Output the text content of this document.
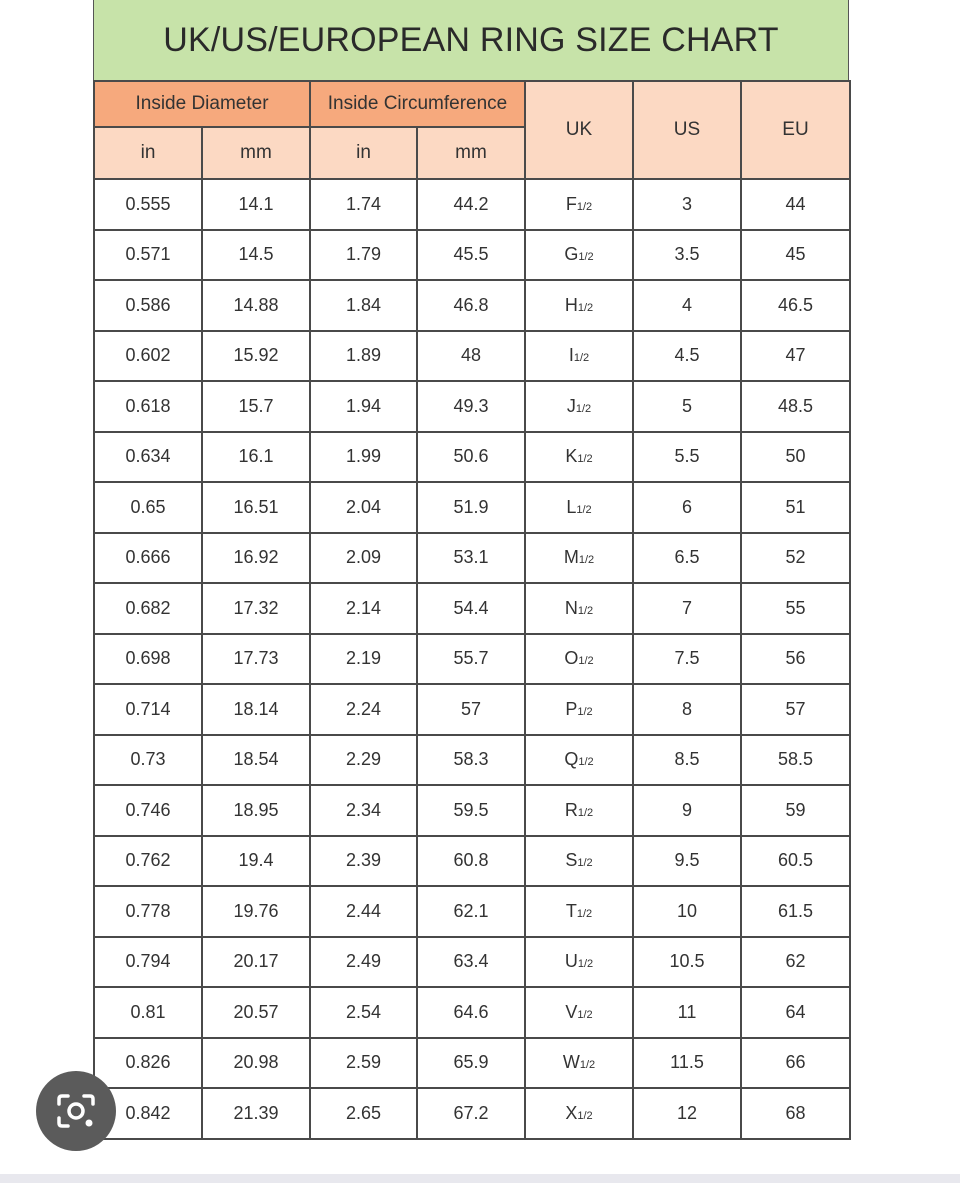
UK/US/EUROPEAN RING SIZE CHART
Inside Diameter		Inside Circumference		UK	US	EU
in	mm	in	mm			
0.555	14.1	1.74	44.2	F1/2	3	44
0.571	14.5	1.79	45.5	G1/2	3.5	45
0.586	14.88	1.84	46.8	H1/2	4	46.5
0.602	15.92	1.89	48	I1/2	4.5	47
0.618	15.7	1.94	49.3	J1/2	5	48.5
0.634	16.1	1.99	50.6	K1/2	5.5	50
0.65	16.51	2.04	51.9	L1/2	6	51
0.666	16.92	2.09	53.1	M1/2	6.5	52
0.682	17.32	2.14	54.4	N1/2	7	55
0.698	17.73	2.19	55.7	O1/2	7.5	56
0.714	18.14	2.24	57	P1/2	8	57
0.73	18.54	2.29	58.3	Q1/2	8.5	58.5
0.746	18.95	2.34	59.5	R1/2	9	59
0.762	19.4	2.39	60.8	S1/2	9.5	60.5
0.778	19.76	2.44	62.1	T1/2	10	61.5
0.794	20.17	2.49	63.4	U1/2	10.5	62
0.81	20.57	2.54	64.6	V1/2	11	64
0.826	20.98	2.59	65.9	W1/2	11.5	66
0.842	21.39	2.65	67.2	X1/2	12	68
